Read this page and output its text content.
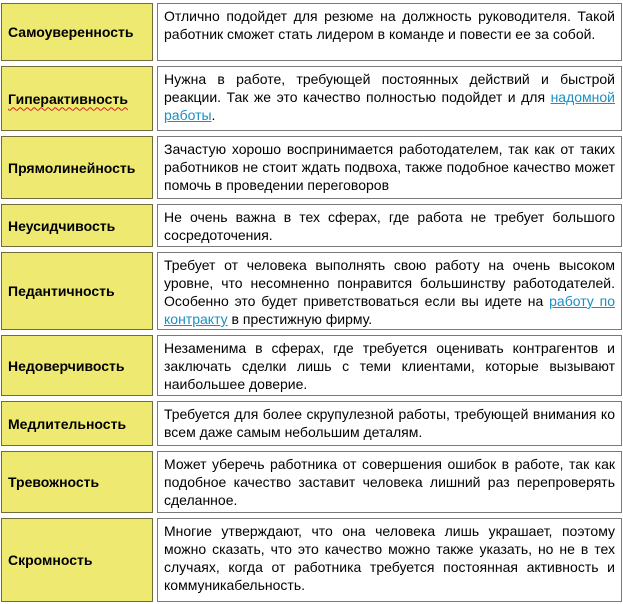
Самоуверенность
Отлично подойдет для резюме на должность руководителя. Такой работник сможет стать лидером в команде и повести ее за собой.
Гиперактивность
Нужна в работе, требующей постоянных действий и быстрой реакции. Так же это качество полностью подойдет и для надомной работы.
Прямолинейность
Зачастую хорошо воспринимается работодателем, так как от таких работников не стоит ждать подвоха, также подобное качество может помочь в проведении переговоров
Неусидчивость
Не очень важна в тех сферах, где работа не требует большого сосредоточения.
Педантичность
Требует от человека выполнять свою работу на очень высоком уровне, что несомненно понравится большинству работодателей. Особенно это будет приветствоваться если вы идете на работу по контракту в престижную фирму.
Недоверчивость
Незаменима в сферах, где требуется оценивать контрагентов и заключать сделки лишь с теми клиентами, которые вызывают наибольшее доверие.
Медлительность
Требуется для более скрупулезной работы, требующей внимания ко всем даже самым небольшим деталям.
Тревожность
Может уберечь работника от совершения ошибок в работе, так как подобное качество заставит человека лишний раз перепроверять сделанное.
Скромность
Многие утверждают, что она человека лишь украшает, поэтому можно сказать, что это качество можно также указать, но не в тех случаях, когда от работника требуется постоянная активность и коммуникабельность.
